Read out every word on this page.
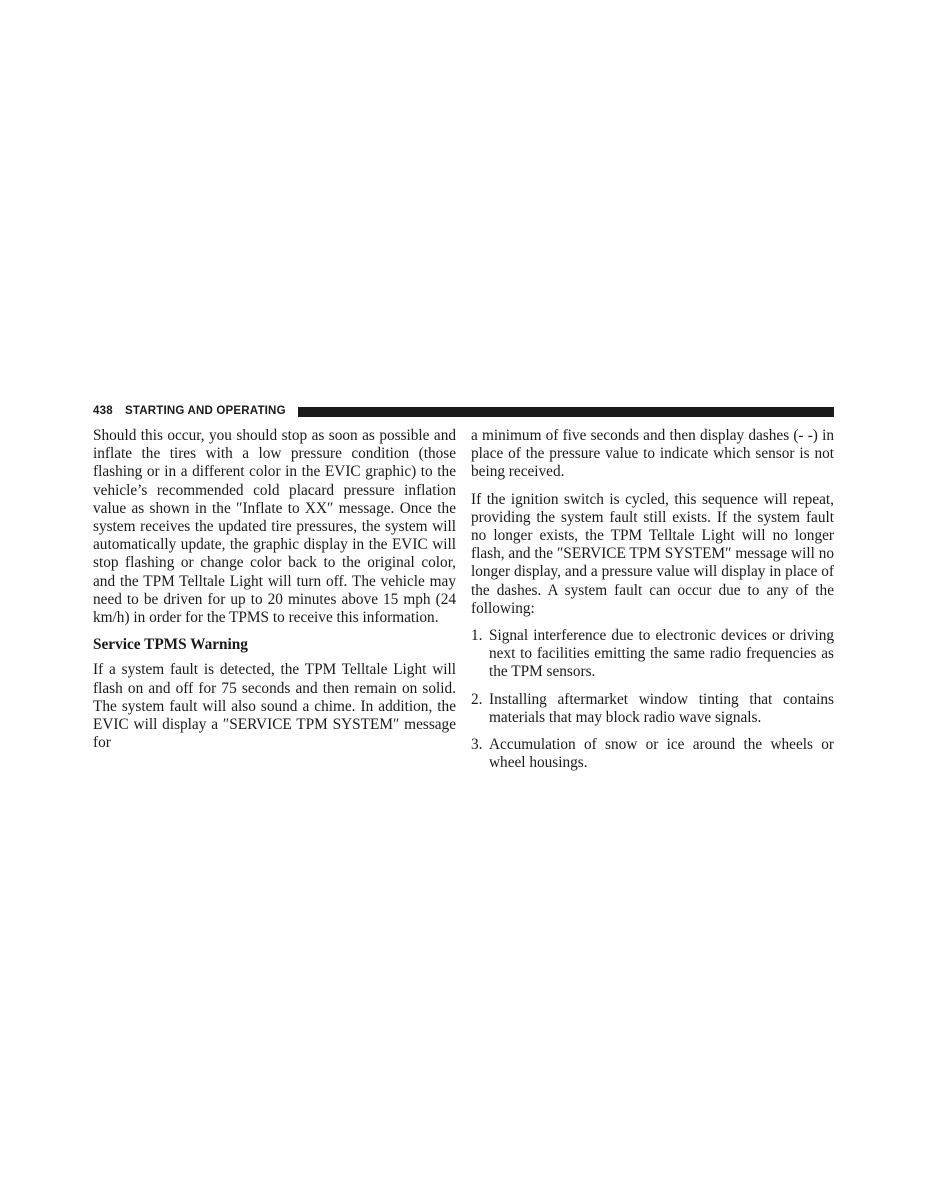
438 STARTING AND OPERATING

Should this occur, you should stop as soon as possible and inflate the tires with a low pressure condition (those flashing or in a different color in the EVIC graphic) to the vehicle’s recommended cold placard pressure inflation value as shown in the ″Inflate to XX″ message. Once the system receives the updated tire pressures, the system will automatically update, the graphic display in the EVIC will stop flashing or change color back to the original color, and the TPM Telltale Light will turn off. The vehicle may need to be driven for up to 20 minutes above 15 mph (24 km/h) in order for the TPMS to receive this information.

Service TPMS Warning

If a system fault is detected, the TPM Telltale Light will flash on and off for 75 seconds and then remain on solid. The system fault will also sound a chime. In addition, the EVIC will display a ″SERVICE TPM SYSTEM″ message for

a minimum of five seconds and then display dashes (- -) in place of the pressure value to indicate which sensor is not being received.

If the ignition switch is cycled, this sequence will repeat, providing the system fault still exists. If the system fault no longer exists, the TPM Telltale Light will no longer flash, and the ″SERVICE TPM SYSTEM″ message will no longer display, and a pressure value will display in place of the dashes. A system fault can occur due to any of the following:

1. Signal interference due to electronic devices or driving next to facilities emitting the same radio frequencies as the TPM sensors.
2. Installing aftermarket window tinting that contains materials that may block radio wave signals.
3. Accumulation of snow or ice around the wheels or wheel housings.
